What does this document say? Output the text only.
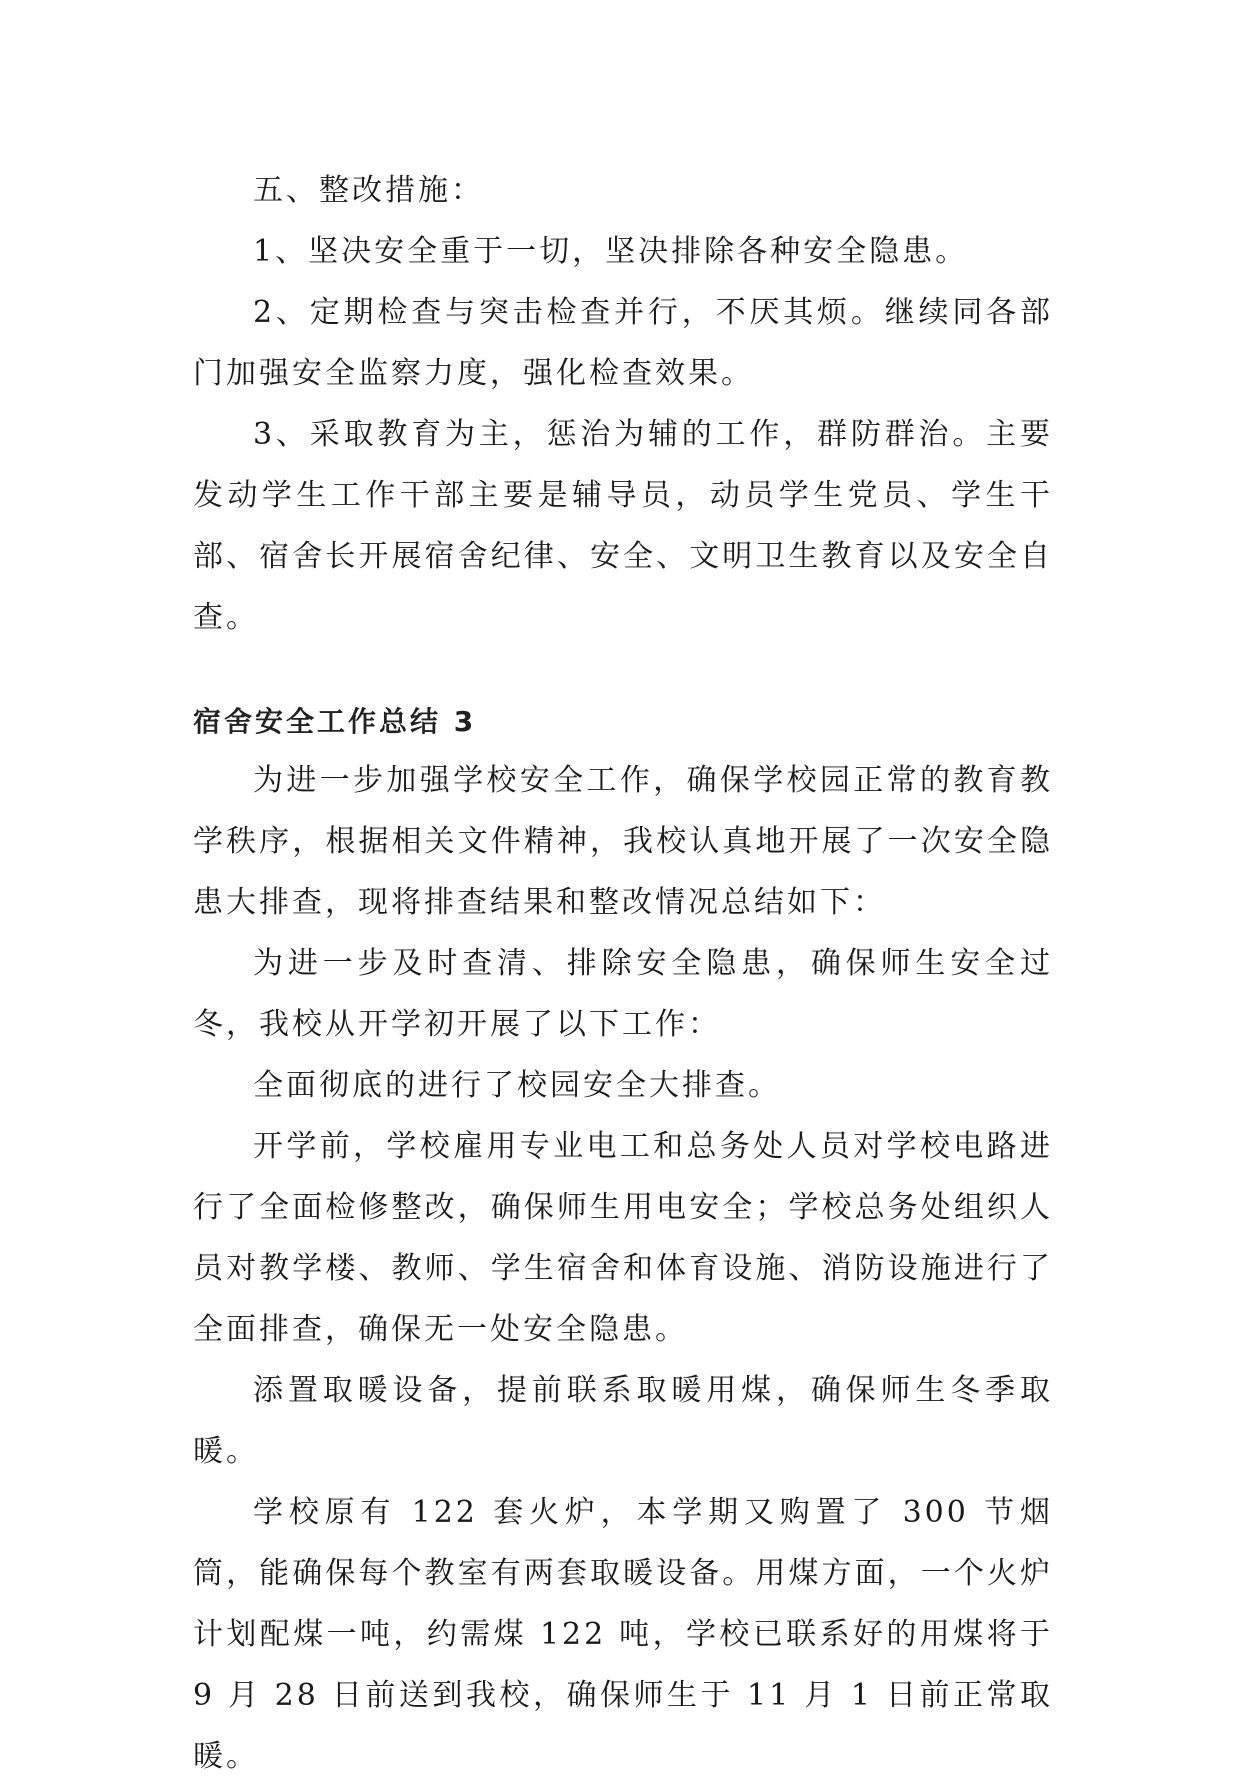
五、整改措施：

1、坚决安全重于一切，坚决排除各种安全隐患。

2、定期检查与突击检查并行，不厌其烦。继续同各部门加强安全监察力度，强化检查效果。

3、采取教育为主，惩治为辅的工作，群防群治。主要发动学生工作干部主要是辅导员，动员学生党员、学生干部、宿舍长开展宿舍纪律、安全、文明卫生教育以及安全自查。

宿舍安全工作总结 3

为进一步加强学校安全工作，确保学校园正常的教育教学秩序，根据相关文件精神，我校认真地开展了一次安全隐患大排查，现将排查结果和整改情况总结如下：

为进一步及时查清、排除安全隐患，确保师生安全过冬，我校从开学初开展了以下工作：

全面彻底的进行了校园安全大排查。

开学前，学校雇用专业电工和总务处人员对学校电路进行了全面检修整改，确保师生用电安全；学校总务处组织人员对教学楼、教师、学生宿舍和体育设施、消防设施进行了全面排查，确保无一处安全隐患。

添置取暖设备，提前联系取暖用煤，确保师生冬季取暖。

学校原有 122 套火炉，本学期又购置了 300 节烟筒，能确保每个教室有两套取暖设备。用煤方面，一个火炉计划配煤一吨，约需煤 122 吨，学校已联系好的用煤将于 9 月 28 日前送到我校，确保师生于 11 月 1 日前正常取暖。
